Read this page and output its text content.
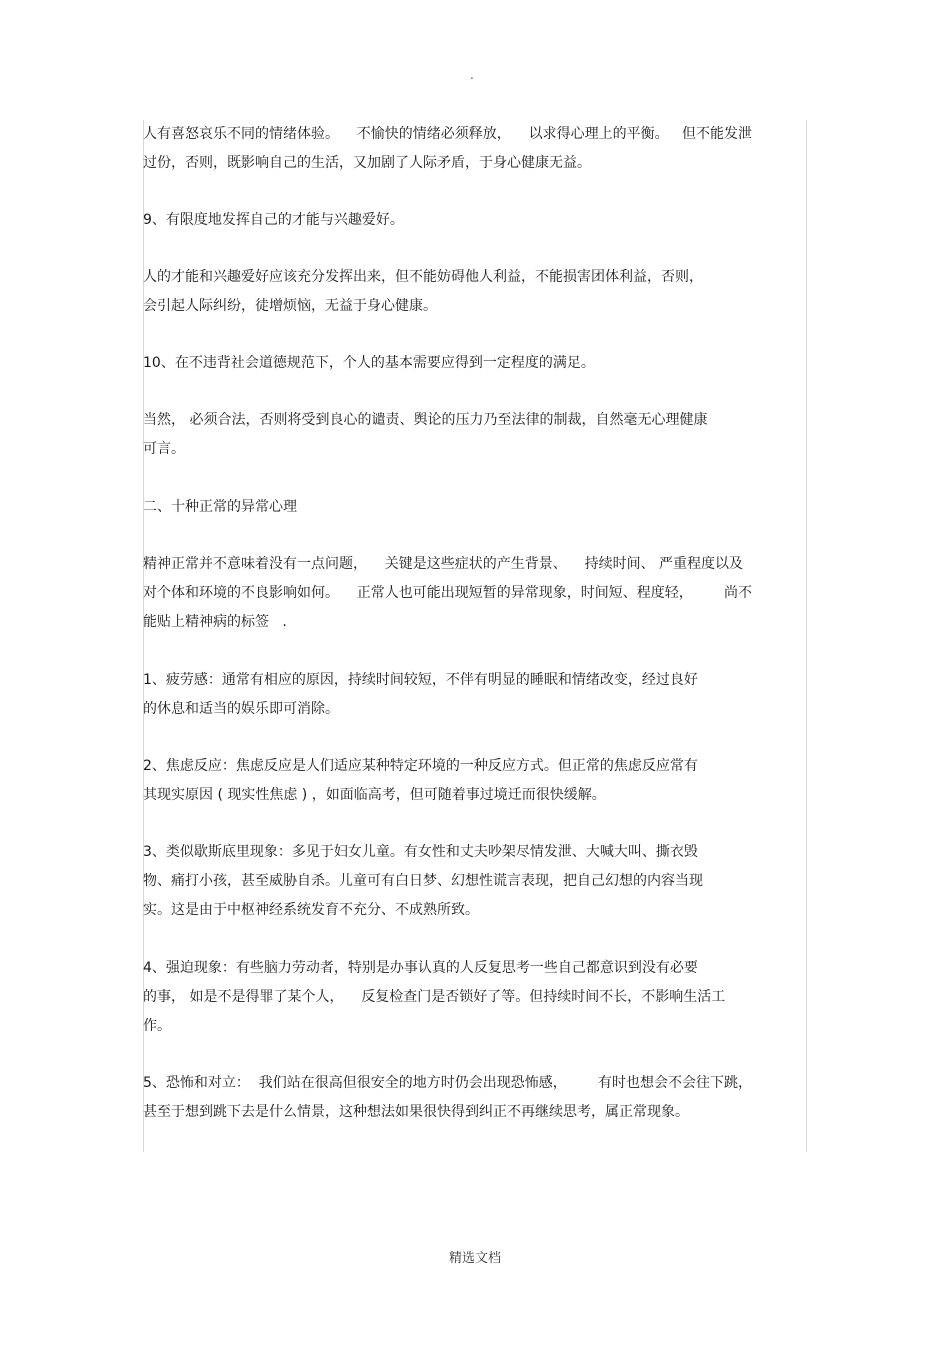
.
人有喜怒哀乐不同的情绪体验。    不愉快的情绪必须释放，    以求得心理上的平衡。   但不能发泄
过份，否则，既影响自己的生活，又加剧了人际矛盾，于身心健康无益。
9、有限度地发挥自己的才能与兴趣爱好。
人的才能和兴趣爱好应该充分发挥出来，但不能妨碍他人利益，不能损害团体利益，否则，
会引起人际纠纷，徒增烦恼，无益于身心健康。
10、在不违背社会道德规范下，个人的基本需要应得到一定程度的满足。
当然， 必须合法，否则将受到良心的谴责、舆论的压力乃至法律的制裁，自然毫无心理健康
可言。
二、十种正常的异常心理
精神正常并不意味着没有一点问题，    关键是这些症状的产生背景、    持续时间、 严重程度以及
对个体和环境的不良影响如何。    正常人也可能出现短暂的异常现象，时间短、程度轻，       尚不
能贴上精神病的标签   .
1、疲劳感：通常有相应的原因，持续时间较短，不伴有明显的睡眠和情绪改变，经过良好
的休息和适当的娱乐即可消除。
2、焦虑反应：焦虑反应是人们适应某种特定环境的一种反应方式。但正常的焦虑反应常有
其现实原因 ( 现实性焦虑 ) ，如面临高考，但可随着事过境迁而很快缓解。
3、类似歇斯底里现象：多见于妇女儿童。有女性和丈夫吵架尽情发泄、大喊大叫、撕衣毁
物、痛打小孩，甚至威胁自杀。儿童可有白日梦、幻想性谎言表现，把自己幻想的内容当现
实。这是由于中枢神经系统发育不充分、不成熟所致。
4、强迫现象：有些脑力劳动者，特别是办事认真的人反复思考一些自己都意识到没有必要
的事， 如是不是得罪了某个人，    反复检查门是否锁好了等。但持续时间不长，不影响生活工
作。
5、恐怖和对立：  我们站在很高但很安全的地方时仍会出现恐怖感，       有时也想会不会往下跳，
甚至于想到跳下去是什么情景，这种想法如果很快得到纠正不再继续思考，属正常现象。
精选文档
